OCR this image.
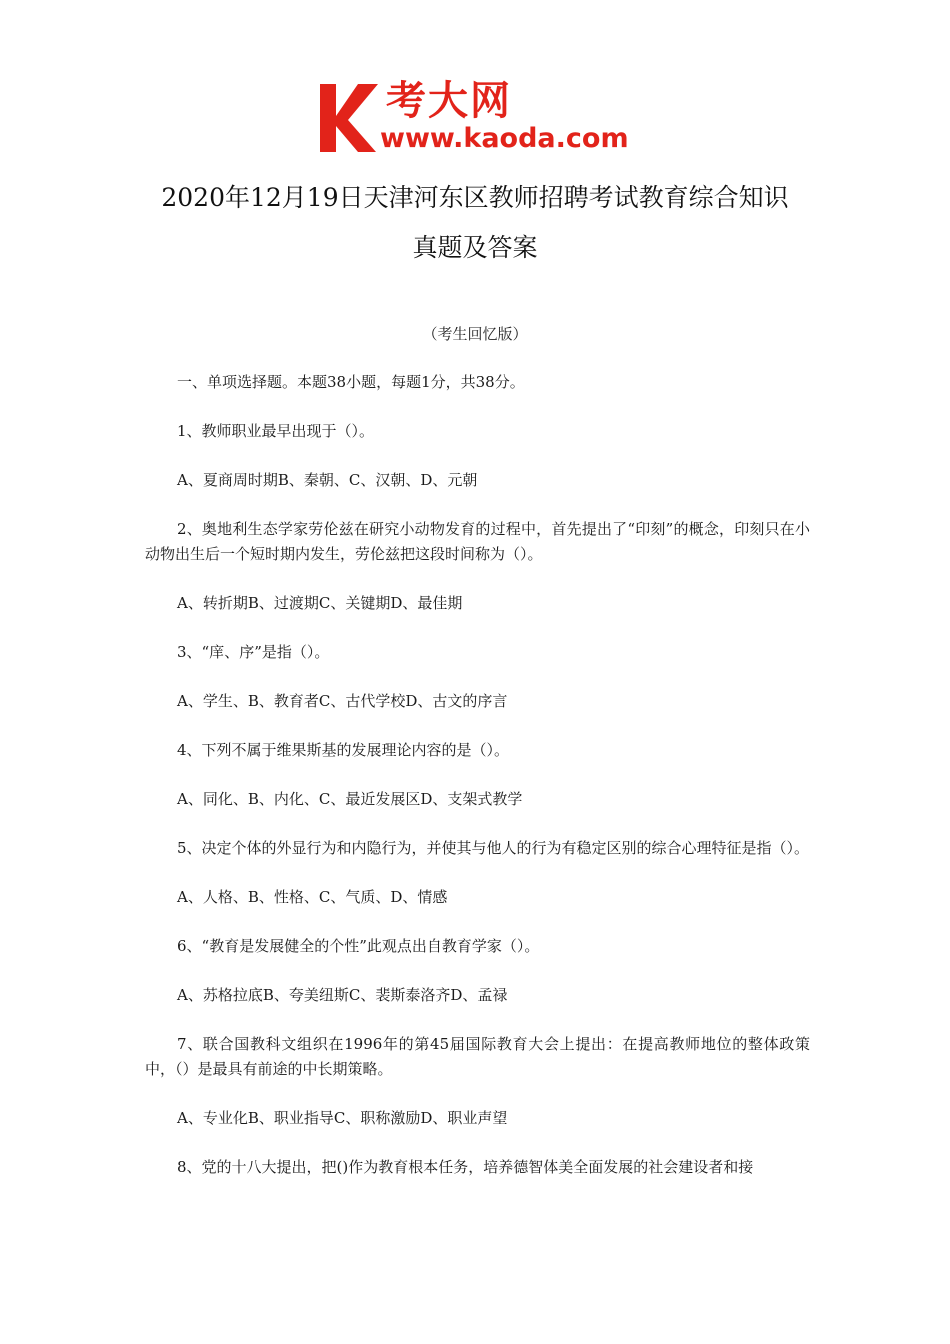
考大网
www.kaoda.com
2020年12月19日天津河东区教师招聘考试教育综合知识
真题及答案
（考生回忆版）

一、单项选择题。本题38小题，每题1分，共38分。

1、教师职业最早出现于（）。

A、夏商周时期B、秦朝、C、汉朝、D、元朝

2、奥地利生态学家劳伦兹在研究小动物发育的过程中，首先提出了“印刻”的概念，印刻只在小动物出生后一个短时期内发生，劳伦兹把这段时间称为（）。

A、转折期B、过渡期C、关键期D、最佳期

3、“庠、序”是指（）。

A、学生、B、教育者C、古代学校D、古文的序言

4、下列不属于维果斯基的发展理论内容的是（）。

A、同化、B、内化、C、最近发展区D、支架式教学

5、决定个体的外显行为和内隐行为，并使其与他人的行为有稳定区别的综合心理特征是指（）。

A、人格、B、性格、C、气质、D、情感

6、“教育是发展健全的个性”此观点出自教育学家（）。

A、苏格拉底B、夸美纽斯C、裴斯泰洛齐D、孟禄

7、联合国教科文组织在1996年的第45届国际教育大会上提出：在提高教师地位的整体政策中，（）是最具有前途的中长期策略。

A、专业化B、职业指导C、职称激励D、职业声望

8、党的十八大提出，把()作为教育根本任务，培养德智体美全面发展的社会建设者和接
